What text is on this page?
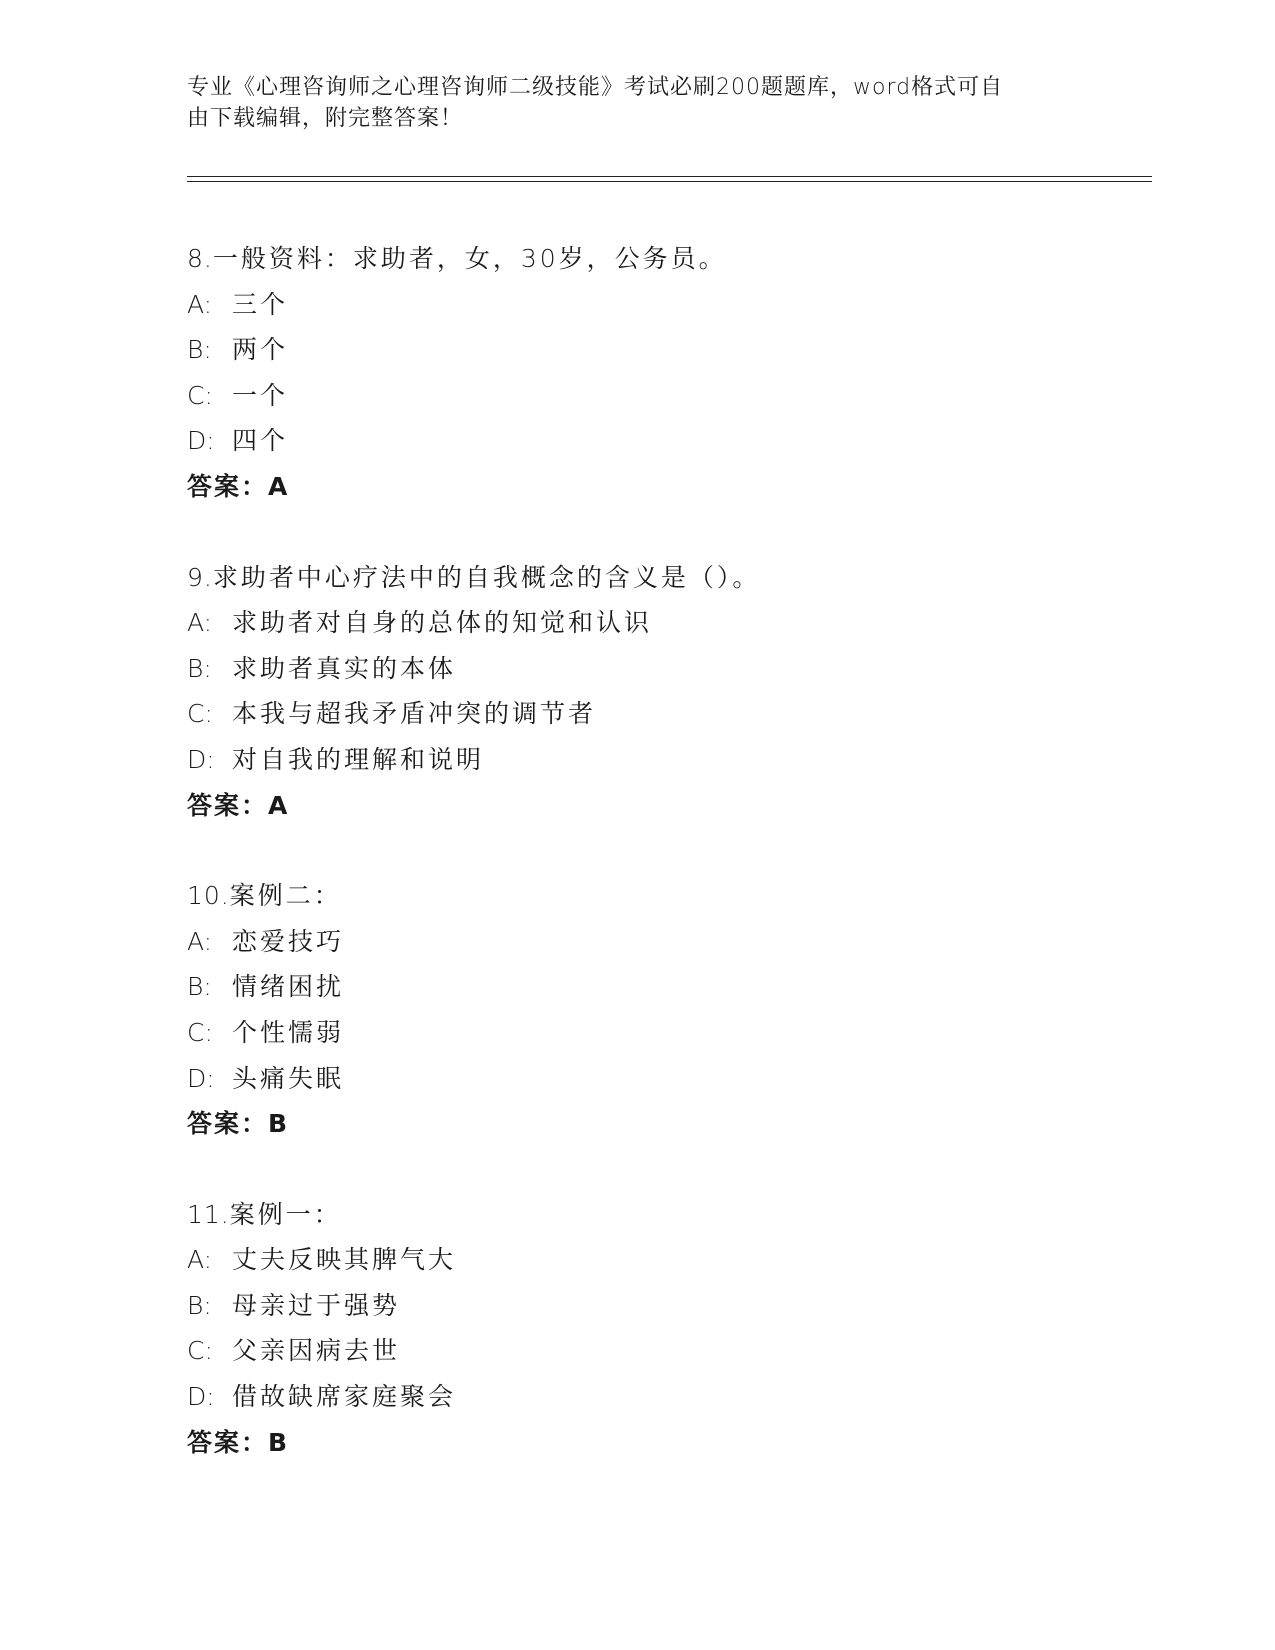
专业《心理咨询师之心理咨询师二级技能》考试必刷200题题库，word格式可自
由下载编辑，附完整答案！
8.一般资料：求助者，女，30岁，公务员。
A: 三个
B: 两个
C: 一个
D: 四个
答案：A
9.求助者中心疗法中的自我概念的含义是（）。
A: 求助者对自身的总体的知觉和认识
B: 求助者真实的本体
C: 本我与超我矛盾冲突的调节者
D: 对自我的理解和说明
答案：A
10.案例二：
A: 恋爱技巧
B: 情绪困扰
C: 个性懦弱
D: 头痛失眠
答案：B
11.案例一：
A: 丈夫反映其脾气大
B: 母亲过于强势
C: 父亲因病去世
D: 借故缺席家庭聚会
答案：B
